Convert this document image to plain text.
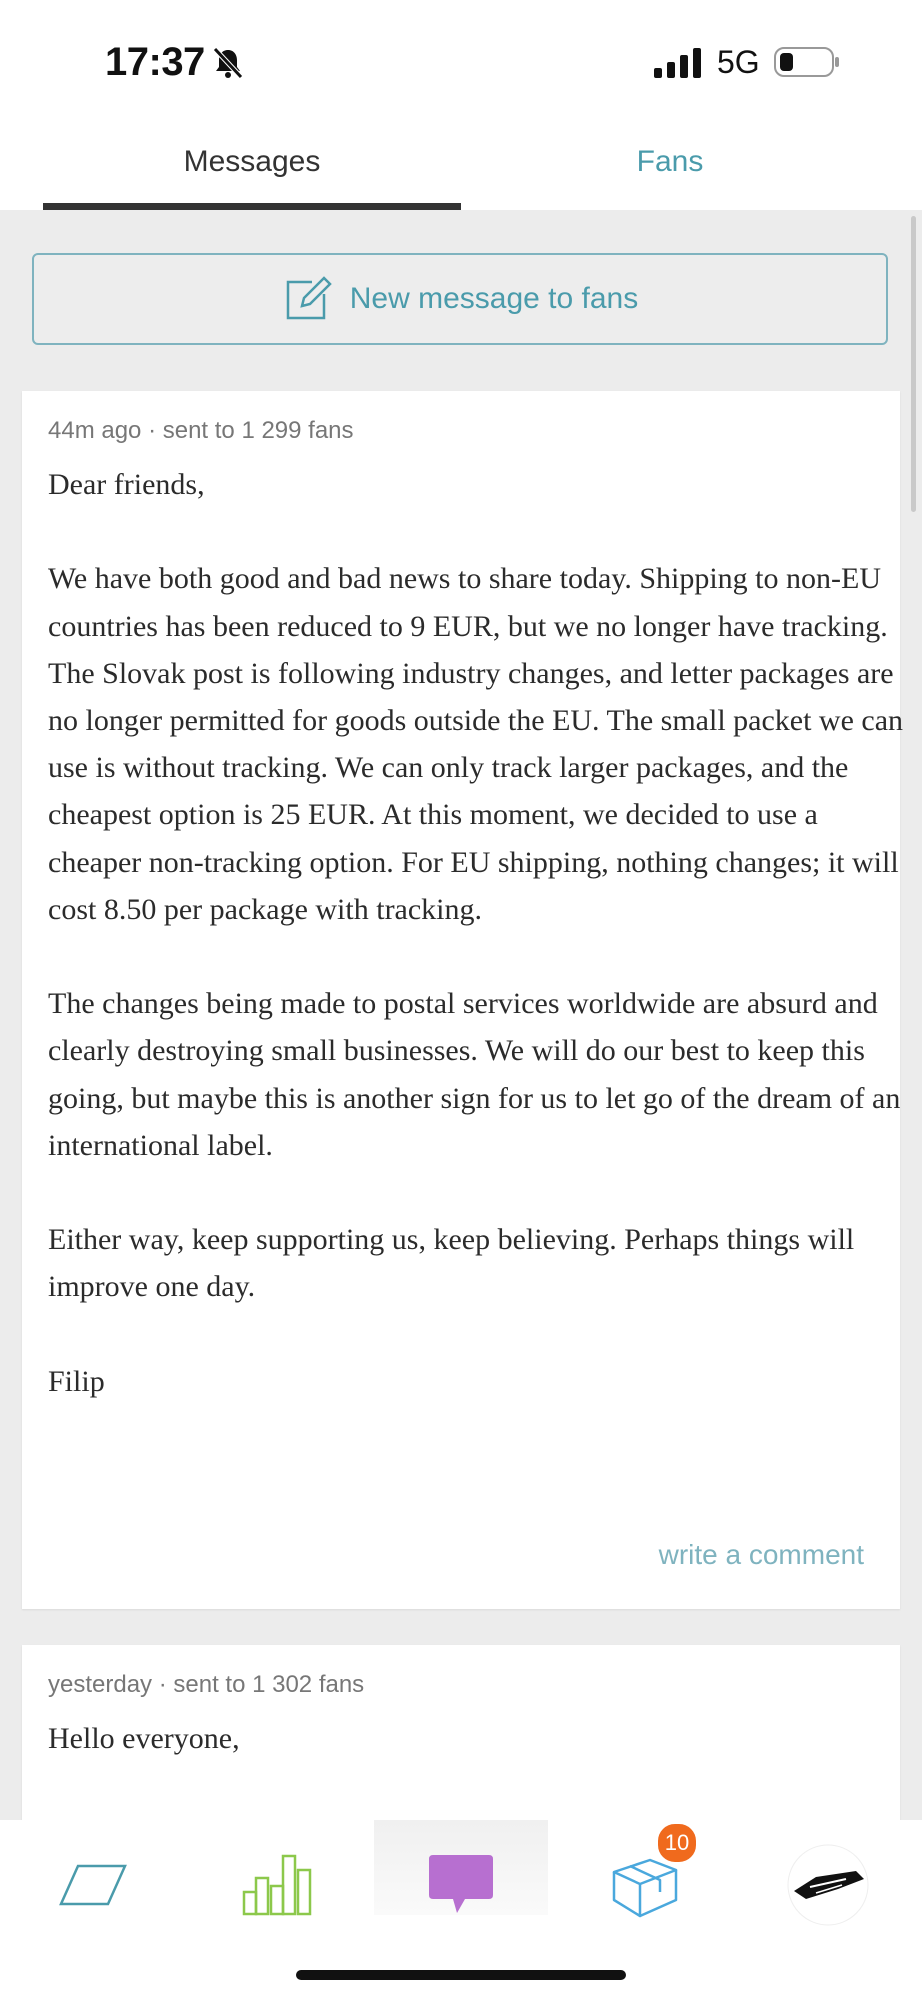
17:37	5G
Messages	Fans
New message to fans
44m ago · sent to 1 299 fans

Dear friends,

We have both good and bad news to share today. Shipping to non-EU countries has been reduced to 9 EUR, but we no longer have tracking. The Slovak post is following industry changes, and letter packages are no longer permitted for goods outside the EU. The small packet we can use is without tracking. We can only track larger packages, and the cheapest option is 25 EUR. At this moment, we decided to use a cheaper non-tracking option. For EU shipping, nothing changes; it will cost 8.50 per package with tracking.

The changes being made to postal services worldwide are absurd and clearly destroying small businesses. We will do our best to keep this going, but maybe this is another sign for us to let go of the dream of an international label.

Either way, keep supporting us, keep believing. Perhaps things will improve one day.

Filip

write a comment
yesterday · sent to 1 302 fans

Hello everyone,

10
